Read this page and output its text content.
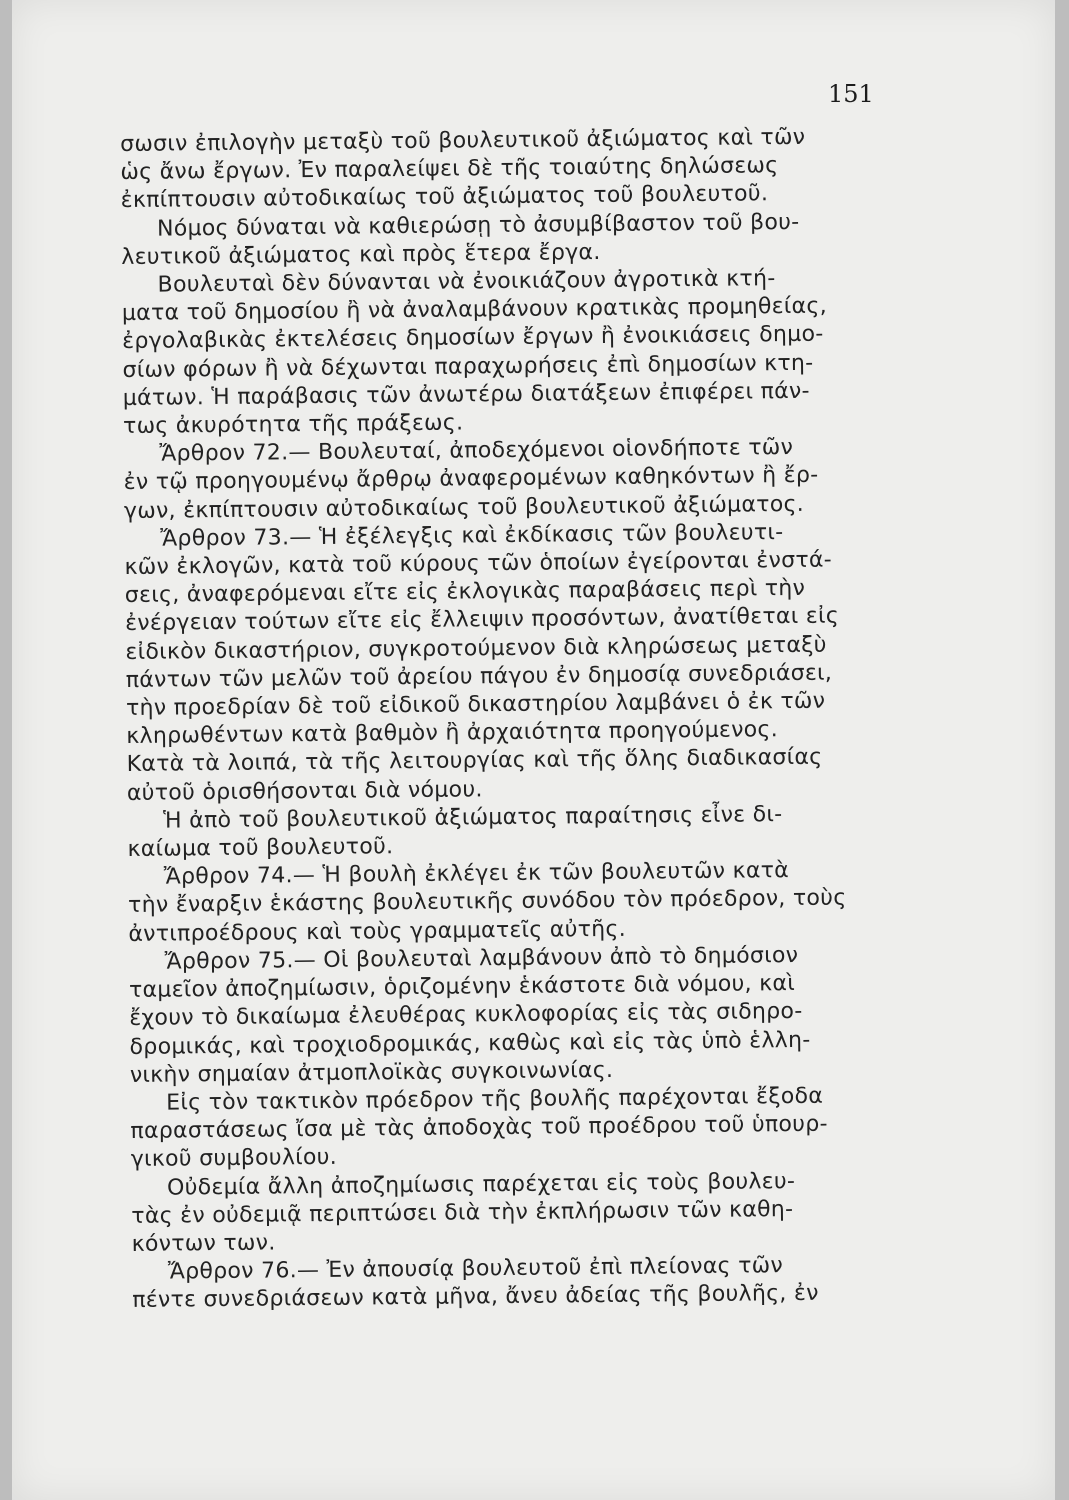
151
σωσιν ἐπιλογὴν μεταξὺ τοῦ βουλευτικοῦ ἀξιώματος καὶ τῶν
ὡς ἄνω ἔργων. Ἐν παραλείψει δὲ τῆς τοιαύτης δηλώσεως
ἐκπίπτουσιν αὐτοδικαίως τοῦ ἀξιώματος τοῦ βουλευτοῦ.
Νόμος δύναται νὰ καθιερώσῃ τὸ ἀσυμβίβαστον τοῦ βου-
λευτικοῦ ἀξιώματος καὶ πρὸς ἕτερα ἔργα.
Βουλευταὶ δὲν δύνανται νὰ ἐνοικιάζουν ἀγροτικὰ κτή-
ματα τοῦ δημοσίου ἢ νὰ ἀναλαμβάνουν κρατικὰς προμηθείας,
ἐργολαβικὰς ἐκτελέσεις δημοσίων ἔργων ἢ ἐνοικιάσεις δημο-
σίων φόρων ἢ νὰ δέχωνται παραχωρήσεις ἐπὶ δημοσίων κτη-
μάτων. Ἡ παράβασις τῶν ἀνωτέρω διατάξεων ἐπιφέρει πάν-
τως ἀκυρότητα τῆς πράξεως.
Ἄρθρον 72.— Βουλευταί, ἀποδεχόμενοι οἱονδήποτε τῶν
ἐν τῷ προηγουμένῳ ἄρθρῳ ἀναφερομένων καθηκόντων ἢ ἔρ-
γων, ἐκπίπτουσιν αὐτοδικαίως τοῦ βουλευτικοῦ ἀξιώματος.
Ἄρθρον 73.— Ἡ ἐξέλεγξις καὶ ἐκδίκασις τῶν βουλευτι-
κῶν ἐκλογῶν, κατὰ τοῦ κύρους τῶν ὁποίων ἐγείρονται ἐνστά-
σεις, ἀναφερόμεναι εἴτε εἰς ἐκλογικὰς παραβάσεις περὶ τὴν
ἐνέργειαν τούτων εἴτε εἰς ἔλλειψιν προσόντων, ἀνατίθεται εἰς
εἰδικὸν δικαστήριον, συγκροτούμενον διὰ κληρώσεως μεταξὺ
πάντων τῶν μελῶν τοῦ ἀρείου πάγου ἐν δημοσίᾳ συνεδριάσει,
τὴν προεδρίαν δὲ τοῦ εἰδικοῦ δικαστηρίου λαμβάνει ὁ ἐκ τῶν
κληρωθέντων κατὰ βαθμὸν ἢ ἀρχαιότητα προηγούμενος.
Κατὰ τὰ λοιπά, τὰ τῆς λειτουργίας καὶ τῆς ὅλης διαδικασίας
αὐτοῦ ὁρισθήσονται διὰ νόμου.
Ἡ ἀπὸ τοῦ βουλευτικοῦ ἀξιώματος παραίτησις εἶνε δι-
καίωμα τοῦ βουλευτοῦ.
Ἄρθρον 74.— Ἡ βουλὴ ἐκλέγει ἐκ τῶν βουλευτῶν κατὰ
τὴν ἔναρξιν ἑκάστης βουλευτικῆς συνόδου τὸν πρόεδρον, τοὺς
ἀντιπροέδρους καὶ τοὺς γραμματεῖς αὐτῆς.
Ἄρθρον 75.— Οἱ βουλευταὶ λαμβάνουν ἀπὸ τὸ δημόσιον
ταμεῖον ἀποζημίωσιν, ὁριζομένην ἑκάστοτε διὰ νόμου, καὶ
ἔχουν τὸ δικαίωμα ἐλευθέρας κυκλοφορίας εἰς τὰς σιδηρο-
δρομικάς, καὶ τροχιοδρομικάς, καθὼς καὶ εἰς τὰς ὑπὸ ἑλλη-
νικὴν σημαίαν ἀτμοπλοϊκὰς συγκοινωνίας.
Εἰς τὸν τακτικὸν πρόεδρον τῆς βουλῆς παρέχονται ἔξοδα
παραστάσεως ἴσα μὲ τὰς ἀποδοχὰς τοῦ προέδρου τοῦ ὑπουρ-
γικοῦ συμβουλίου.
Οὐδεμία ἄλλη ἀποζημίωσις παρέχεται εἰς τοὺς βουλευ-
τὰς ἐν οὐδεμιᾷ περιπτώσει διὰ τὴν ἐκπλήρωσιν τῶν καθη-
κόντων των.
Ἄρθρον 76.— Ἐν ἀπουσίᾳ βουλευτοῦ ἐπὶ πλείονας τῶν
πέντε συνεδριάσεων κατὰ μῆνα, ἄνευ ἀδείας τῆς βουλῆς, ἐν
